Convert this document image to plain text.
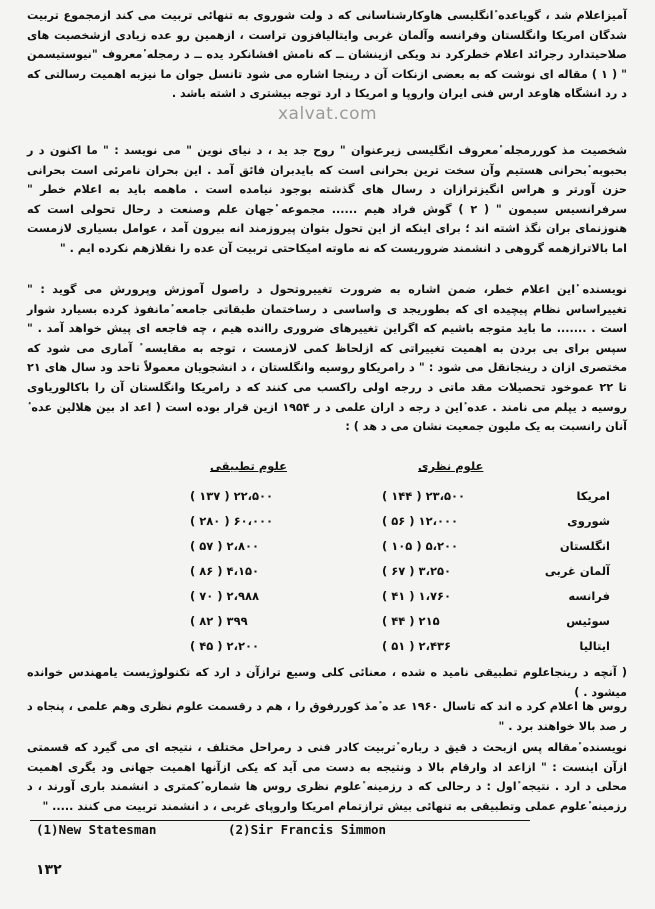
آمیزاعلام شد ، گویاعده ٔانگلیسی هاوکارشناسانی که د ولت شوروی به تنهائی تربیت می کند ازمجموع تربیت شدگان امریکا وانگلستان وفرانسه وآلمان غربی وایتالیافزون تراست ، ازهمین رو عده زیادی ازشخصیت های صلاحیتدارد رجرائد اعلام خطرکرد ند ویکی ازینشان ــ که نامش افشانکرد یده ــ د رمجله ٔمعروف "نیوستیسمن " ( ۱ ) مقاله ای نوشت که به بعضی ازنکات آن د رینجا اشاره می شود تانسل جوان ما نیزبه اهمیت رسالتی که د رد انشگاه هاوعد ارس فنی ایران واروپا و امریکا د ارد توجه بیشتری د اشته باشد .
xalvat.com
شخصیت مذ کوررمجله ٔمعروف انگلیسی زیرعنوان " روح جد ید ، د نیای نوین " می نویسد : " ما اکنون د ر بحبوبه ٔبحرانی هستیم وآن سخت ترین بحرانی است که بایدبران فائق آمد . این بحران نامرئی است بحرانی حزن آورتر و هراس انگیزترازان د رسال های گذشته بوجود نیامده است . ماهمه باید به اعلام خطر " سرفرانسیس سیمون " ( ۲ ) گوش فراد هیم ...... مجموعه ٔجهان علم وصنعت د رحال تحولی است که هنوزنمای بران نگذ اشته اند ؛ برای اینکه از این تحول بتوان پیروزمند انه بیرون آمد ، عوامل بسیاری لازمست اما بالاترازهمه گروهی د انشمند ضروریست که نه ماوته امیکاحتی تربیت آن عده را نقلازهم نکرده ایم . "
نویسنده ٔاین اعلام خطر، ضمن اشاره به ضرورت تغییروتحول د راصول آموزش وپرورش می گوید : " تغییراساس نظام پیچیده ای که بطوریجد ی واساسی د رساختمان طبقاتی جامعه ٔمانفوذ کرده بسیارد شوار است . ....... ما باید متوجه باشیم که اگراین تغییرهای ضروری راانده هیم ، چه فاجعه ای پیش خواهد آمد . " سپس برای بی بردن به اهمیت تغییراتی که ازلحاظ کمی لازمست ، توجه به مقایسه ٔ آماری می شود که مختصری ازان د رینجانقل می شود : " د رامریکاو روسیه وانگلستان ، د انشجویان معمولاً تاحد ود سال های ۲۱ تا ۲۲ عموخود تحصیلات مقد ماتی د ررجه اولی راکسب می کنند که د رامریکا وانگلستان آن را باکالوریاوی روسیه د یپلم می نامند . عده ٔاین د رجه د اران علمی د ر ۱۹۵۴ ازین قرار بوده است ( اعد اد بین هلالین عده ٔ آنان رانسبت به یک ملیون جمعیت نشان می د هد ) :
علوم نظری
علوم تطبیقی
امریکا
( ۱۴۴ ) ۲۳،۵۰۰
( ۱۳۷ ) ۲۲،۵۰۰
شوروی
( ۵۶ ) ۱۲،۰۰۰
( ۲۸۰ ) ۶۰،۰۰۰
انگلستان
( ۱۰۵ ) ۵،۲۰۰
( ۵۷ ) ۲،۸۰۰
آلمان غربی
( ۶۷ ) ۳،۲۵۰
( ۸۶ ) ۴،۱۵۰
فرانسه
( ۴۱ ) ۱،۷۶۰
( ۷۰ ) ۲،۹۸۸
سوئیس
( ۴۴ ) ۲۱۵
( ۸۲ ) ۳۹۹
ایتالیا
( ۵۱ ) ۲،۴۳۶
( ۴۵ ) ۲،۲۰۰
( آنچه د رینجاعلوم تطبیقی نامید ه شده ، معنائی کلی وسیع ترازآن د ارد که تکنولوژیست یامهندس خوانده میشود . )
روس ها اعلام کرد ه اند که تاسال ۱۹۶۰ عد ه ٔمذ کوررفوق را ، هم د رقسمت علوم نظری وهم علمی ، پنجاه د ر صد بالا خواهند برد . "
نویسنده ٔمقاله پس ازبحث د قیق د رباره ٔتربیت کادر فنی د رمراحل مختلف ، نتیجه ای می گیرد که قسمتی ازآن اینست : " ازاعد اد وارقام بالا د ونتیجه به دست می آید که یکی ازآنها اهمیت جهانی ود یگری اهمیت محلی د ارد . نتیجه ٔاول : د رحالی که د رزمینه ٔعلوم نظری روس ها شماره ٔکمتری د انشمند باری آورند ، د رزمینه ٔعلوم عملی وتطبیقی به تنهائی بیش ترازتمام امریکا واروپای غربی ، د انشمند تربیت می کنند ..... "
(1)New Statesman	(2)Sir Francis Simmon
۱۳۲
